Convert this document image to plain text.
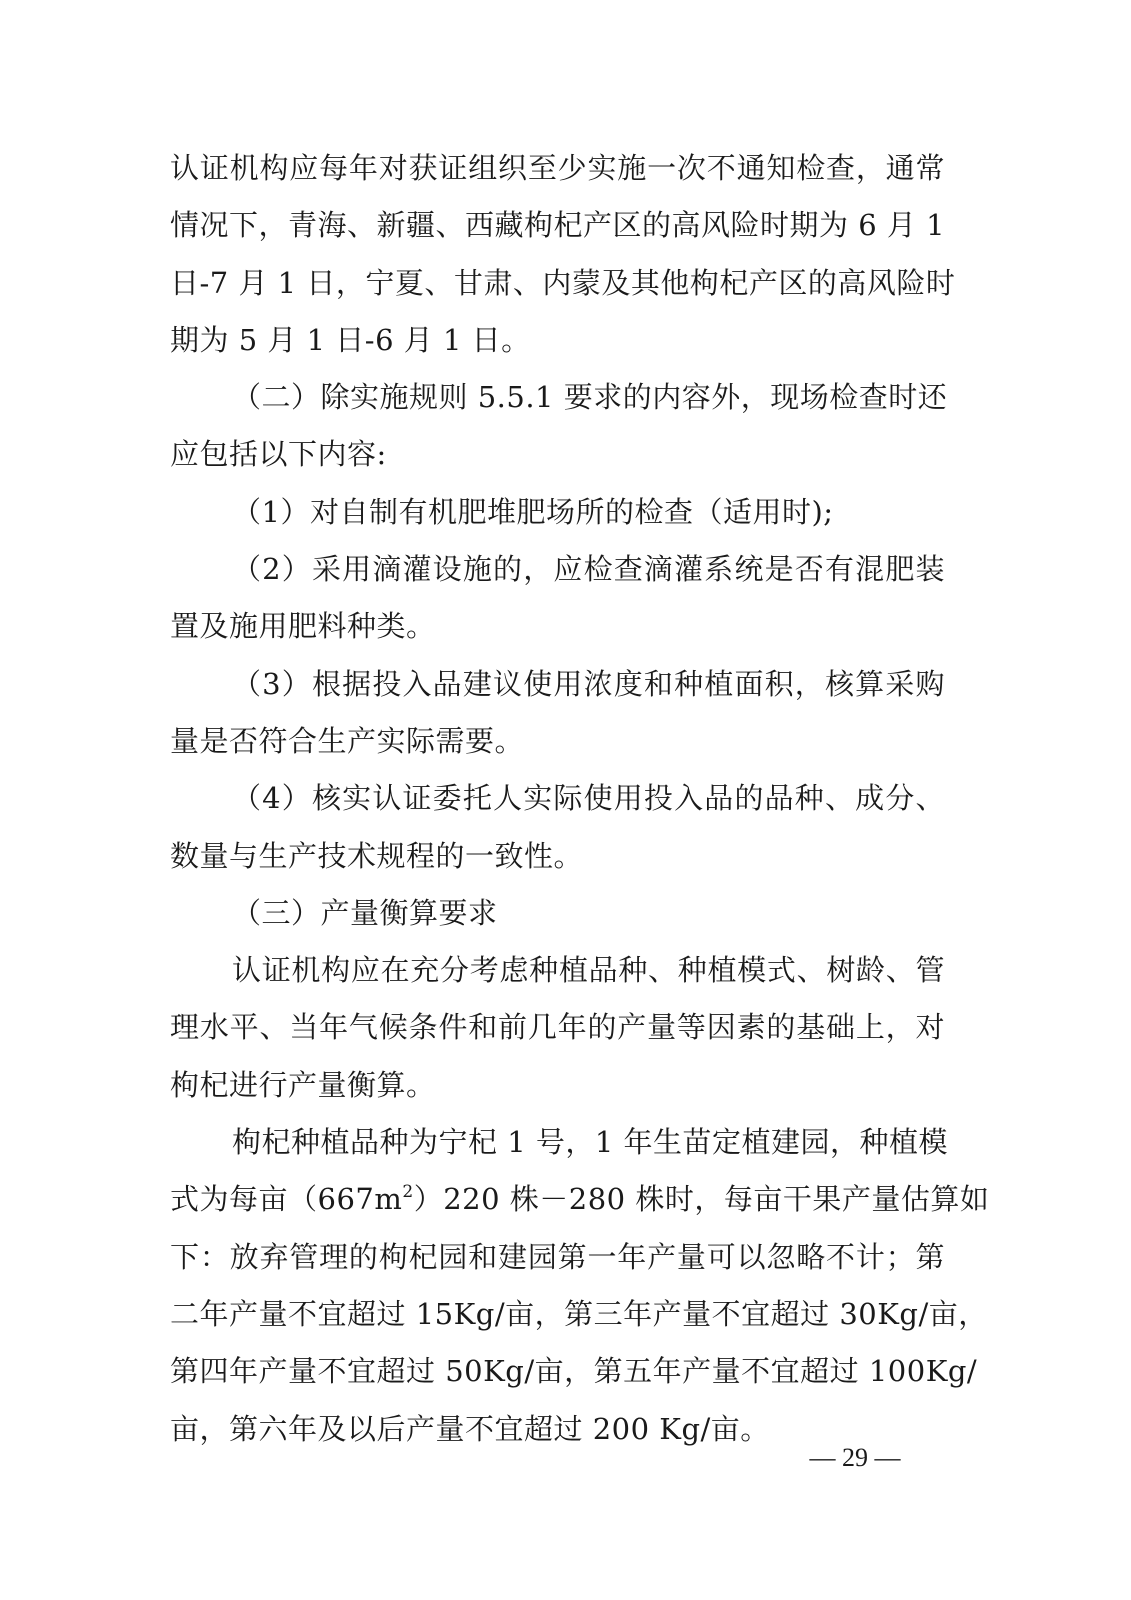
认证机构应每年对获证组织至少实施一次不通知检查，通常
情况下，青海、新疆、西藏枸杞产区的高风险时期为 6 月 1
日-7 月 1 日，宁夏、甘肃、内蒙及其他枸杞产区的高风险时
期为 5 月 1 日-6 月 1 日。
（二）除实施规则 5.5.1 要求的内容外，现场检查时还
应包括以下内容:
（1）对自制有机肥堆肥场所的检查（适用时);
（2）采用滴灌设施的，应检查滴灌系统是否有混肥装
置及施用肥料种类。
（3）根据投入品建议使用浓度和种植面积，核算采购
量是否符合生产实际需要。
（4）核实认证委托人实际使用投入品的品种、成分、
数量与生产技术规程的一致性。
（三）产量衡算要求
认证机构应在充分考虑种植品种、种植模式、树龄、管
理水平、当年气候条件和前几年的产量等因素的基础上，对
枸杞进行产量衡算。
枸杞种植品种为宁杞 1 号，1 年生苗定植建园，种植模
式为每亩$(667m^2)220$ 株－280 株时，每亩干果产量估算如
下：放弃管理的枸杞园和建园第一年产量可以忽略不计；第
二年产量不宜超过 15Kg/亩，第三年产量不宜超过 30Kg/亩，
第四年产量不宜超过 50Kg/亩，第五年产量不宜超过 100Kg/
亩，第六年及以后产量不宜超过 200 Kg/亩。
— 29 —
